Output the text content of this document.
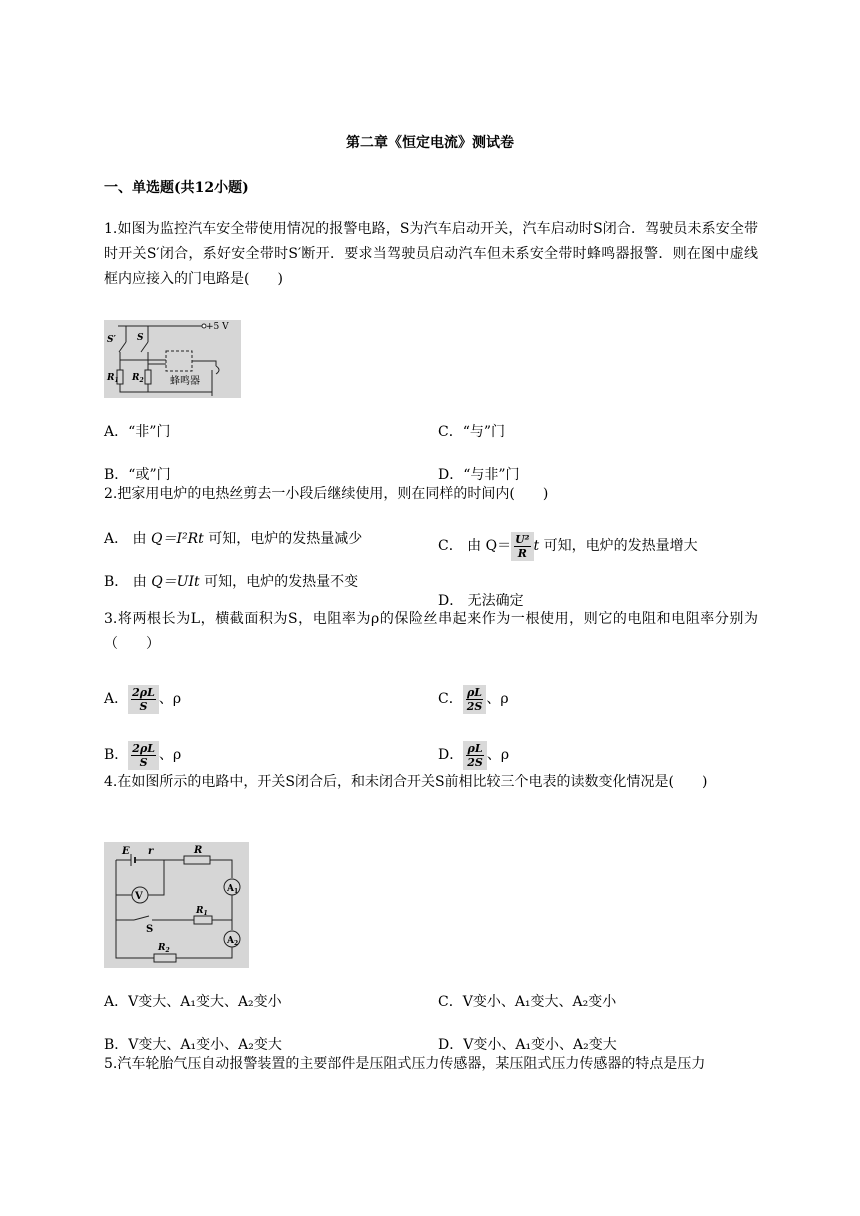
第二章《恒定电流》测试卷
一、单选题(共12小题)
1.如图为监控汽车安全带使用情况的报警电路，S为汽车启动开关，汽车启动时S闭合．驾驶员未系安全带时开关S′闭合，系好安全带时S′断开．要求当驾驶员启动汽车但未系安全带时蜂鸣器报警．则在图中虚线框内应接入的门电路是(　　)
+5 V
S′ S
$R_1$ $R_2$	蜂鸣器
A．“非”门	C．“与”门
B．“或”门	D．“与非”门
2.把家用电炉的电热丝剪去一小段后继续使用，则在同样的时间内(　　)
A． 由 Q＝I²Rt 可知，电炉的发热量减少	C． 由 $Q= \frac{\text{U²}}{R}$ t 可知，电炉的发热量增大
B． 由 Q＝UIt 可知，电炉的发热量不变
D． 无法确定
3.将两根长为L，横截面积为S，电阻率为ρ的保险丝串起来作为一根使用，则它的电阻和电阻率分别为（　　）
A． $\frac{2\rho L}{S}$ 、ρ	C． $\frac{\rho L}{2S}$ 、ρ
B． $\frac{2\rho L}{S}$ 、ρ	D． $\frac{\rho L}{2S}$ 、ρ
4.在如图所示的电路中，开关S闭合后，和未闭合开关S前相比较三个电表的读数变化情况是(　　)
E r	R
V
$A_1$
$A_2$
$R_1$
S
$R_2$
A．V变大、A₁变大、A₂变小	C．V变小、A₁变大、A₂变小
B．V变大、A₁变小、A₂变大	D．V变小、A₁变小、A₂变大
5.汽车轮胎气压自动报警装置的主要部件是压阻式压力传感器，某压阻式压力传感器的特点是压力
